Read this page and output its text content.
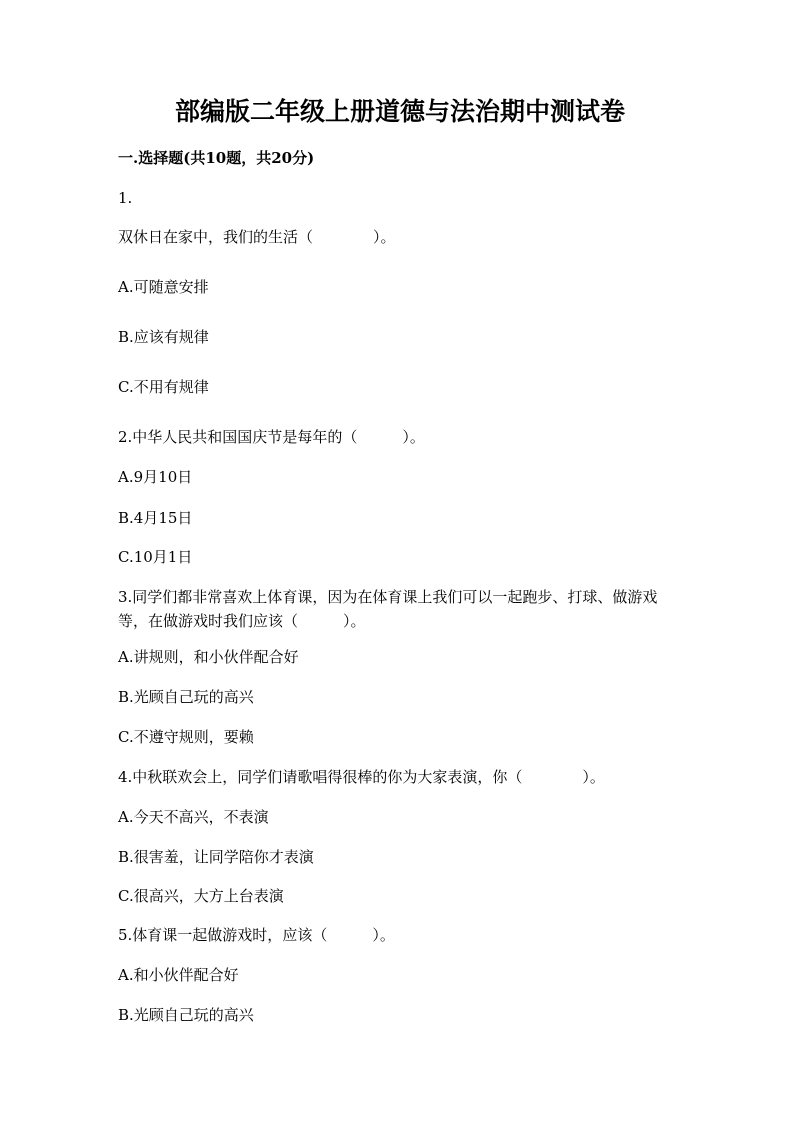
部编版二年级上册道德与法治期中测试卷
一.选择题(共10题，共20分)
1.
双休日在家中，我们的生活（　　　　）。
A.可随意安排
B.应该有规律
C.不用有规律
2.中华人民共和国国庆节是每年的（　　　）。
A.9月10日
B.4月15日
C.10月1日
3.同学们都非常喜欢上体育课，因为在体育课上我们可以一起跑步、打球、做游戏等，在做游戏时我们应该（　　　）。
A.讲规则，和小伙伴配合好
B.光顾自己玩的高兴
C.不遵守规则，要赖
4.中秋联欢会上，同学们请歌唱得很棒的你为大家表演，你（　　　　）。
A.今天不高兴，不表演
B.很害羞，让同学陪你才表演
C.很高兴，大方上台表演
5.体育课一起做游戏时，应该（　　　）。
A.和小伙伴配合好
B.光顾自己玩的高兴
